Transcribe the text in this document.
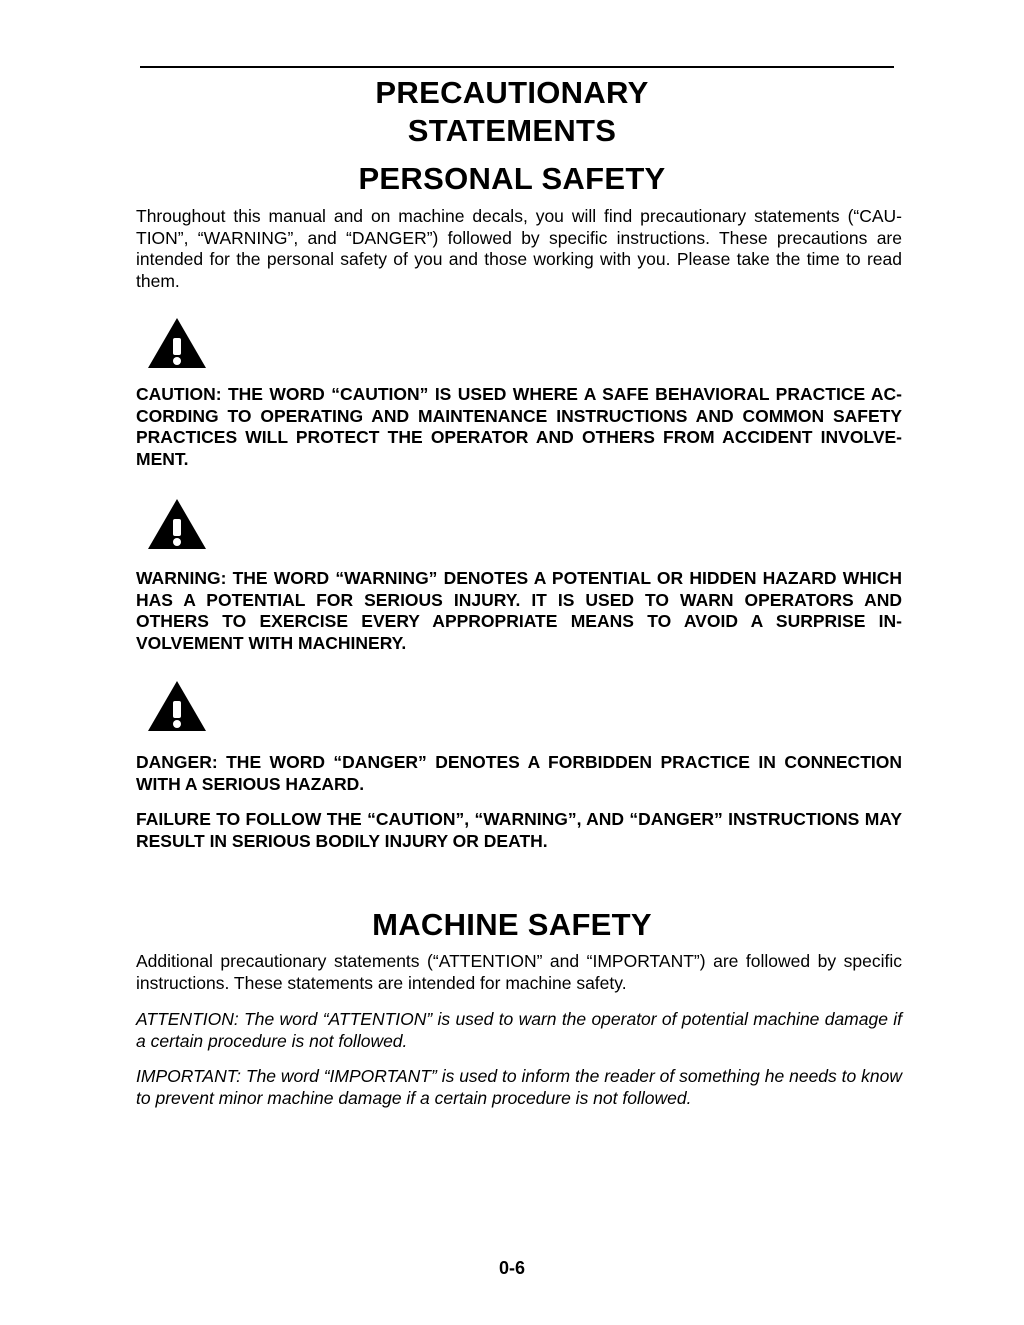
PRECAUTIONARY
STATEMENTS
PERSONAL SAFETY

Throughout this manual and on machine decals, you will find precautionary statements (“CAU-TION”, “WARNING”, and “DANGER”) followed by specific instructions. These precautions are intended for the personal safety of you and those working with you. Please take the time to read them.

CAUTION: THE WORD “CAUTION” IS USED WHERE A SAFE BEHAVIORAL PRACTICE AC-CORDING TO OPERATING AND MAINTENANCE INSTRUCTIONS AND COMMON SAFETY PRACTICES WILL PROTECT THE OPERATOR AND OTHERS FROM ACCIDENT INVOLVE-MENT.

WARNING: THE WORD “WARNING” DENOTES A POTENTIAL OR HIDDEN HAZARD WHICH HAS A POTENTIAL FOR SERIOUS INJURY. IT IS USED TO WARN OPERATORS AND OTHERS TO EXERCISE EVERY APPROPRIATE MEANS TO AVOID A SURPRISE IN-VOLVEMENT WITH MACHINERY.

DANGER: THE WORD “DANGER” DENOTES A FORBIDDEN PRACTICE IN CONNECTION WITH A SERIOUS HAZARD.

FAILURE TO FOLLOW THE “CAUTION”, “WARNING”, AND “DANGER” INSTRUCTIONS MAY RESULT IN SERIOUS BODILY INJURY OR DEATH.

MACHINE SAFETY

Additional precautionary statements (“ATTENTION” and “IMPORTANT”) are followed by specific instructions. These statements are intended for machine safety.

ATTENTION: The word “ATTENTION” is used to warn the operator of potential machine damage if a certain procedure is not followed.

IMPORTANT: The word “IMPORTANT” is used to inform the reader of something he needs to know to prevent minor machine damage if a certain procedure is not followed.

0-6
